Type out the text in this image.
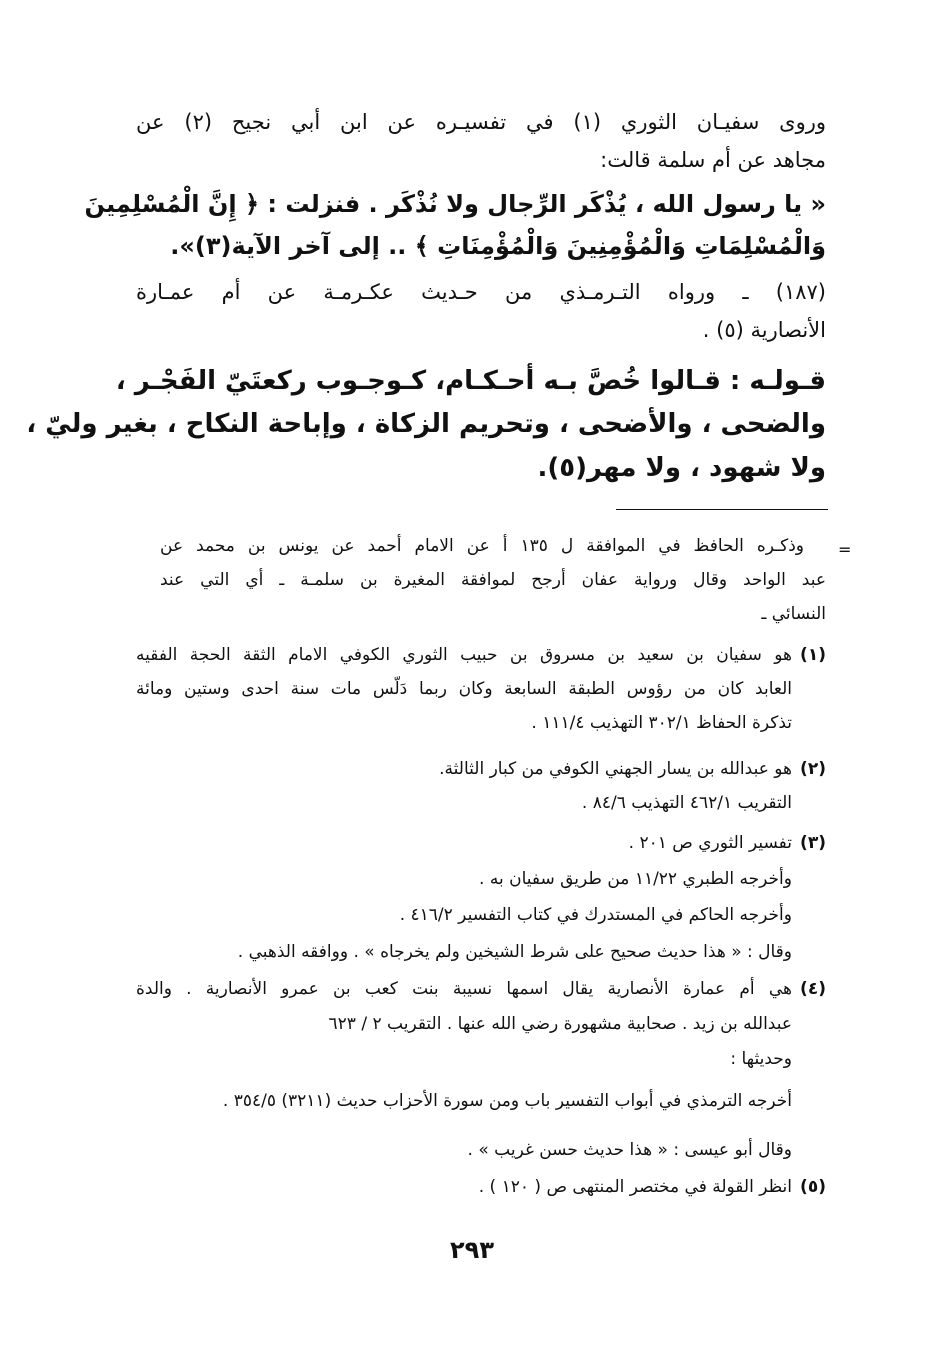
وروى سفيـان الثوري (١) في تفسيـره عن ابن أبي نجيح (٢) عن
مجاهد عن أم سلمة قالت:
« يا رسول الله ، يُذْكَر الرِّجال ولا نُذْكَر . فنزلت : ﴿ إِنَّ الْمُسْلِمِينَ
وَالْمُسْلِمَاتِ وَالْمُؤْمِنِينَ وَالْمُؤْمِنَاتِ ﴾ .. إلى آخر الآية(٣)».
(١٨٧) ـ ورواه التـرمـذي من حـديث عكـرمـة عن أم عمـارة
الأنصارية (٥) .
قـولـه : قـالوا خُصَّ بـه أحـكـام، كـوجـوب ركعتَيّ الفَجْـر ،
والضحى ، والأضحى ، وتحريم الزكاة ، وإباحة النكاح ، بغير وليّ ،
ولا شهود ، ولا مهر(٥).
=
وذكـره الحافظ في الموافقة ل ١٣٥ أ عن الامام أحمد عن يونس بن محمد عن
عبد الواحد وقال ورواية عفان أرجح لموافقة المغيرة بن سلمـة ـ أي التي عند
النسائي ـ
(١)
هو سفيان بن سعيد بن مسروق بن حبيب الثوري الكوفي الامام الثقة الحجة الفقيه
العابد كان من رؤوس الطبقة السابعة وكان ربما دَلّس مات سنة احدى وستين ومائة
تذكرة الحفاظ ٣٠٢/١ التهذيب ١١١/٤ .
(٢)
هو عبدالله بن يسار الجهني الكوفي من كبار الثالثة.
التقريب ٤٦٢/١ التهذيب ٨٤/٦ .
(٣)
تفسير الثوري ص ٢٠١ .
وأخرجه الطبري ١١/٢٢ من طريق سفيان به .
وأخرجه الحاكم في المستدرك في كتاب التفسير ٤١٦/٢ .
وقال : « هذا حديث صحيح على شرط الشيخين ولم يخرجاه » . ووافقه الذهبي .
(٤)
هي أم عمارة الأنصارية يقال اسمها نسيبة بنت كعب بن عمرو الأنصارية . والدة
عبدالله بن زيد . صحابية مشهورة رضي الله عنها . التقريب ٢ / ٦٢٣
وحديثها :
أخرجه الترمذي في أبواب التفسير باب ومن سورة الأحزاب حديث (٣٢١١) ٣٥٤/٥ .
وقال أبو عيسى : « هذا حديث حسن غريب » .
(٥)
انظر القولة في مختصر المنتهى ص ( ١٢٠ ) .
٢٩٣
